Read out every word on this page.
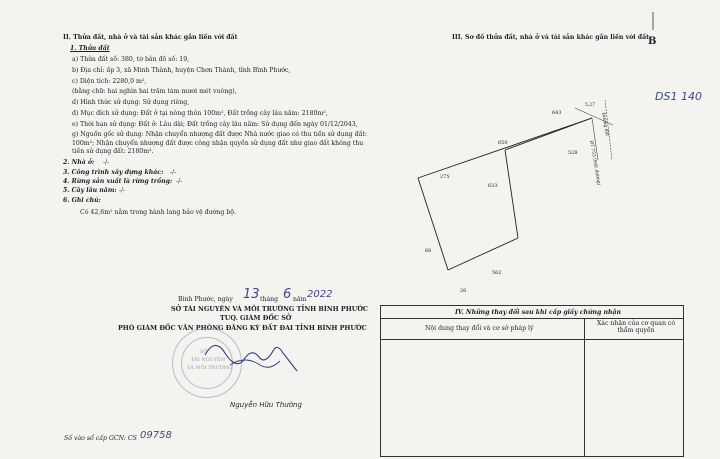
II. Thửa đất, nhà ở và tài sản khác gắn liền với đất
1. Thửa đất
a) Thửa đất số: 380, tờ bản đồ số: 19,
b) Địa chỉ: ấp 3, xã Minh Thành, huyện Chơn Thành, tỉnh Bình Phước,
c) Diện tích: 2280,0 m²,
(bằng chữ: hai nghìn hai trăm tám mươi mét vuông),
d) Hình thức sử dụng: Sử dụng riêng,
đ) Mục đích sử dụng: Đất ở tại nông thôn 100m², Đất trồng cây lâu năm: 2180m²,
e) Thời hạn sử dụng: Đất ở: Lâu dài; Đất trồng cây lâu năm: Sử dụng đến ngày 01/12/2043,
g) Nguồn gốc sử dụng: Nhận chuyển nhượng đất được Nhà nước giao có thu tiền sử dụng đất:
100m²; Nhận chuyển nhượng đất được công nhận quyền sử dụng đất như giao đất không thu
tiền sử dụng đất: 2180m².
2. Nhà ở: -/-
3. Công trình xây dựng khác: -/-
4. Rừng sản xuất là rừng trồng: -/-
5. Cây lâu năm: -/-
6. Ghi chú:
Có 42,6m² nằm trong hành lang bảo vệ đường bộ.
Bình Phước, ngày 13 tháng 6 năm 2022
SỞ TÀI NGUYÊN VÀ MÔI TRƯỜNG TỈNH BÌNH PHƯỚC
TUQ. GIÁM ĐỐC SỞ
PHÓ GIÁM ĐỐC VĂN PHÒNG ĐĂNG KÝ ĐẤT ĐAI TỈNH BÌNH PHƯỚC
SỞ
TÀI NGUYÊN
VÀ MÔI TRƯỜNG
Nguyễn Hữu Thường
Số vào sổ cấp GCN: CS 09758
III. Sơ đồ thửa đất, nhà ở và tài sản khác gắn liền với đất
B
DS1 140
643
650
528
633
275
562
26
68
5,27
Đường đất
ĐT 753 (Đất đường)
IV. Những thay đổi sau khi cấp giấy chứng nhận
Nội dung thay đổi và cơ sở pháp lý
Xác nhận của cơ quan có thẩm quyền
